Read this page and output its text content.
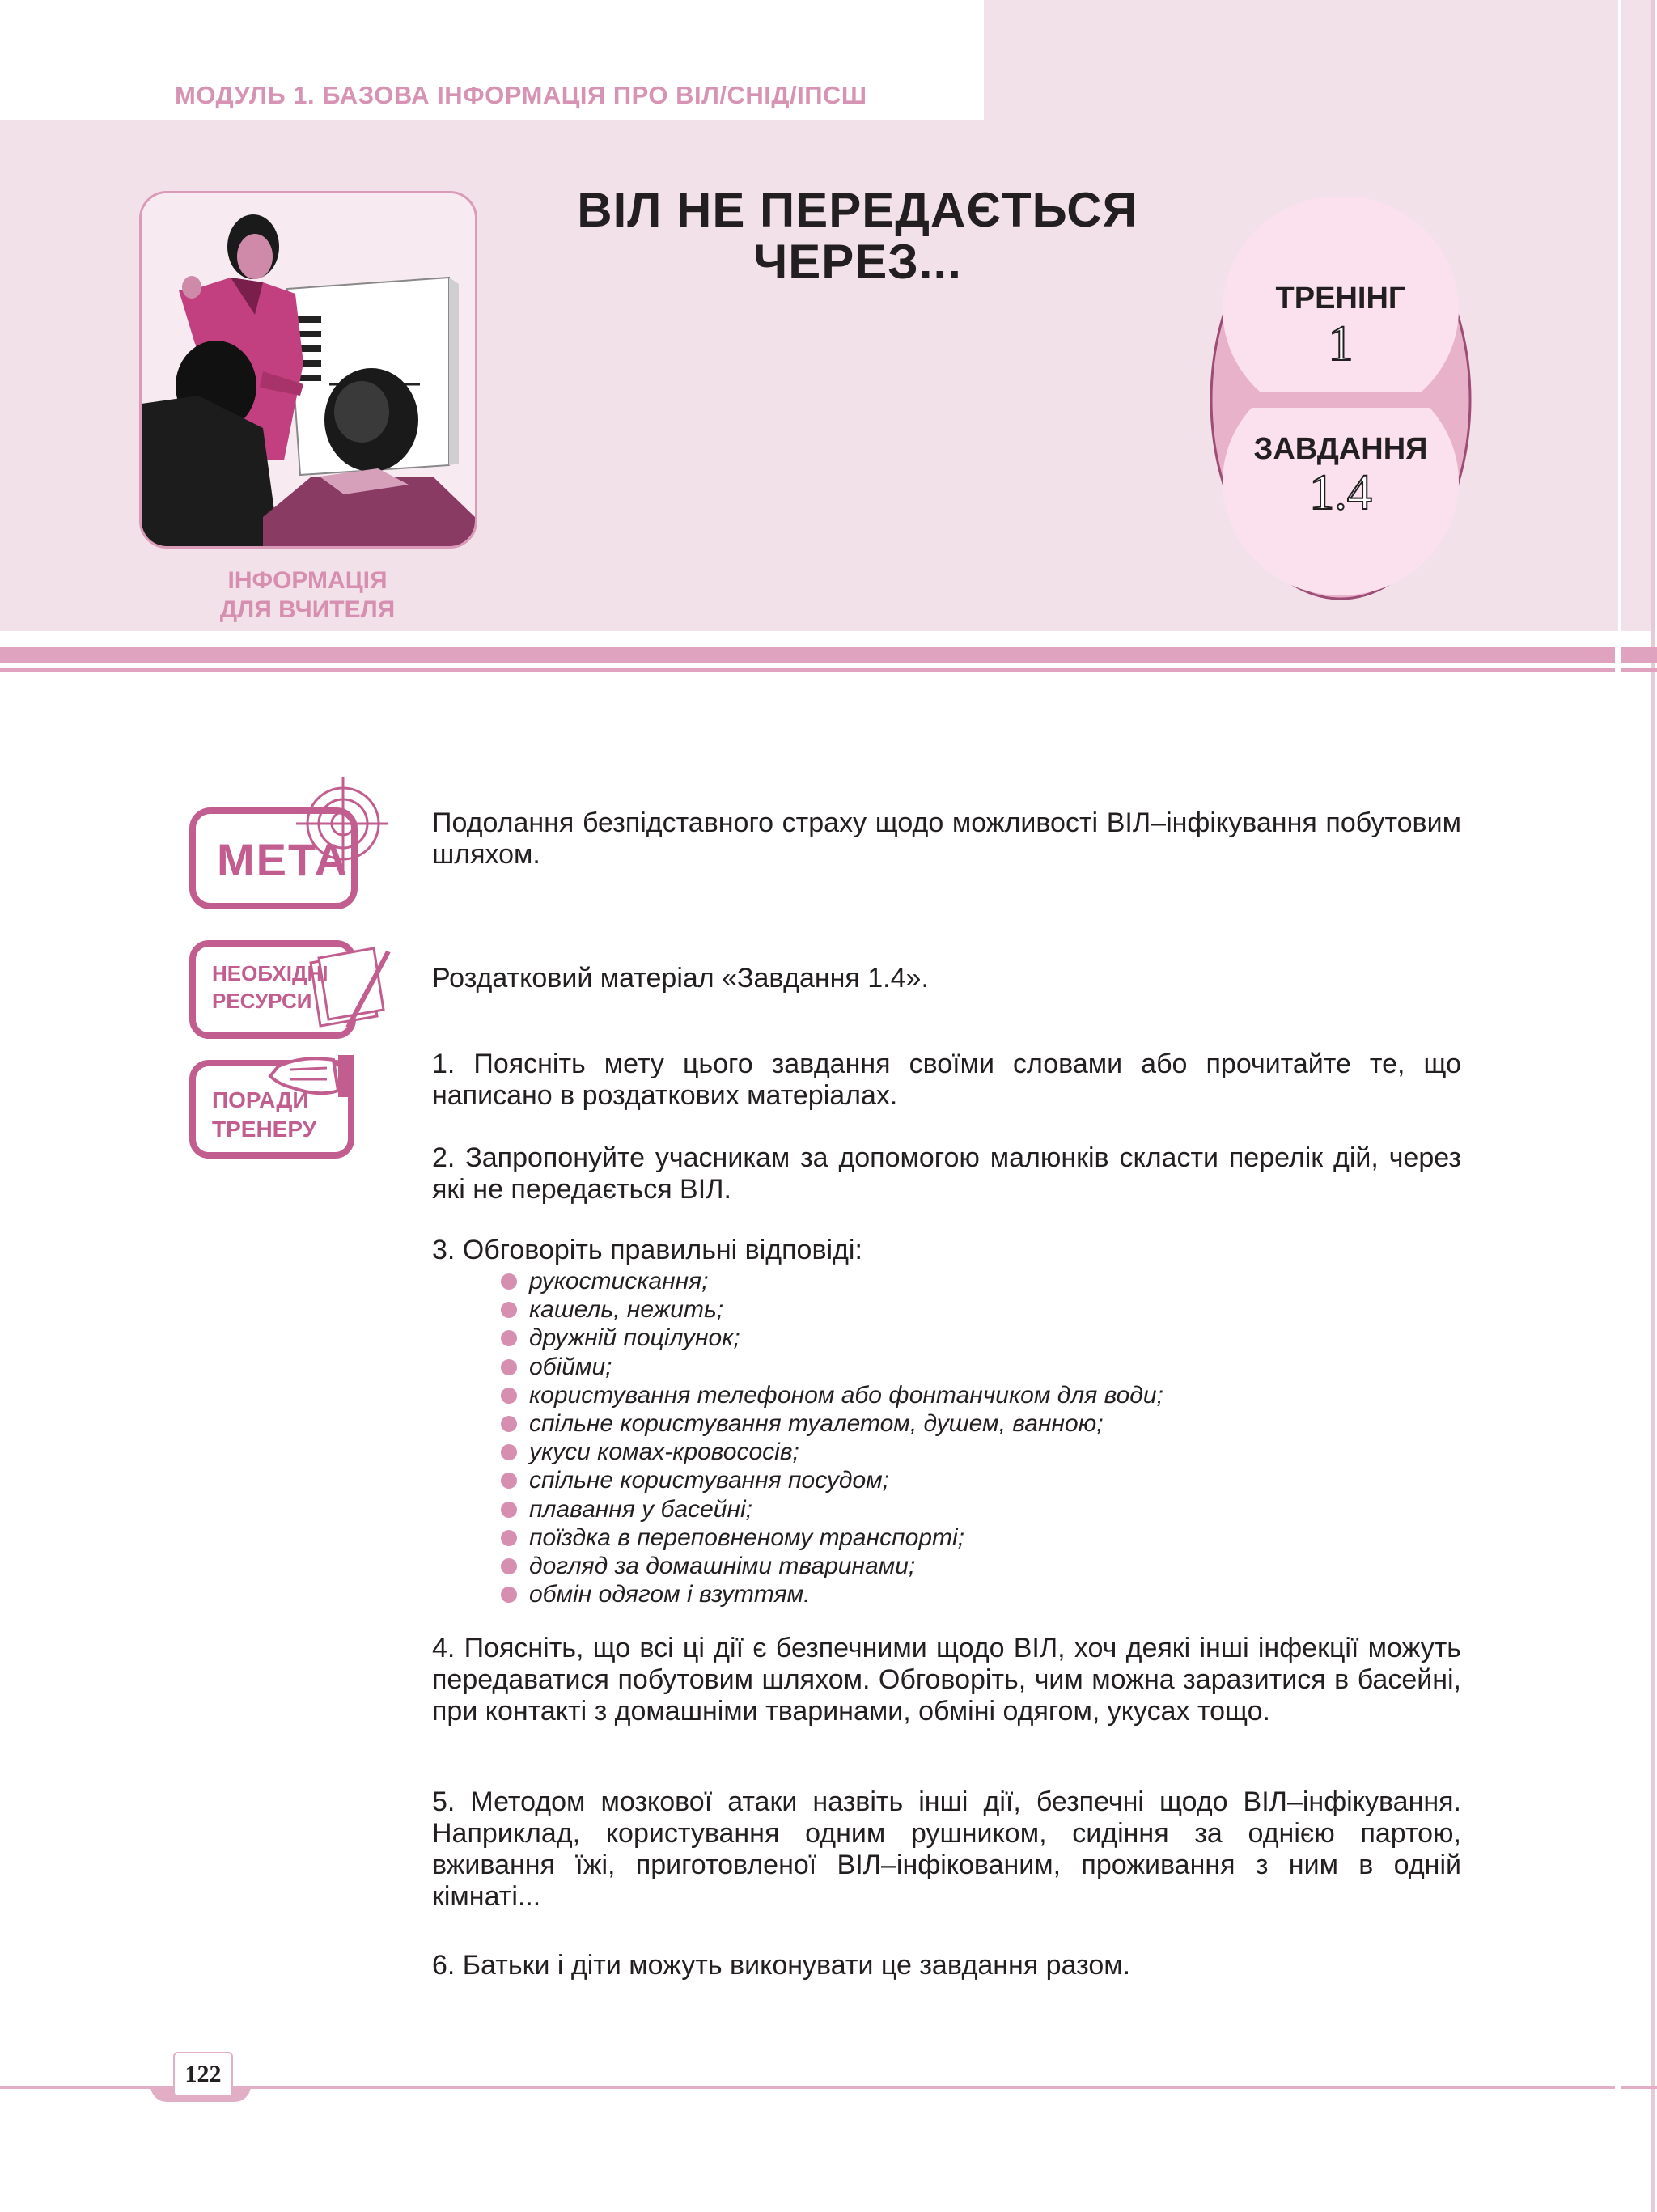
МОДУЛЬ 1. БАЗОВА ІНФОРМАЦІЯ ПРО ВІЛ/СНІД/ІПСШ
ІНФОРМАЦІЯ
ДЛЯ ВЧИТЕЛЯ
ВІЛ НЕ ПЕРЕДАЄТЬСЯ
ЧЕРЕЗ...
ТРЕНІНГ
1
ЗАВДАННЯ
1.4
МЕТА
НЕОБХІДНІ
РЕСУРСИ
ПОРАДИ
ТРЕНЕРУ
Подолання безпідставного страху щодо можливості ВІЛ–інфікування побутовим шляхом.
Роздатковий матеріал «Завдання 1.4».
1. Поясніть мету цього завдання своїми словами або прочитайте те, що написано в роздаткових матеріалах.
2. Запропонуйте учасникам за допомогою малюнків скласти перелік дій, через які не передається ВІЛ.
3. Обговоріть правильні відповіді:
рукостискання;
кашель, нежить;
дружній поцілунок;
обійми;
користування телефоном або фонтанчиком для води;
спільне користування туалетом, душем, ванною;
укуси комах-кровососів;
спільне користування посудом;
плавання у басейні;
поїздка в переповненому транспорті;
догляд за домашніми тваринами;
обмін одягом і взуттям.
4. Поясніть, що всі ці дії є безпечними щодо ВІЛ, хоч деякі інші інфекції можуть передаватися побутовим шляхом. Обговоріть, чим можна заразитися в басейні, при контакті з домашніми тваринами, обміні одягом, укусах тощо.
5. Методом мозкової атаки назвіть інші дії, безпечні щодо ВІЛ–інфікування. Наприклад, користування одним рушником, сидіння за однією партою, вживання їжі, приготовленої ВІЛ–інфікованим, проживання з ним в одній кімнаті...
6. Батьки і діти можуть виконувати це завдання разом.
122
